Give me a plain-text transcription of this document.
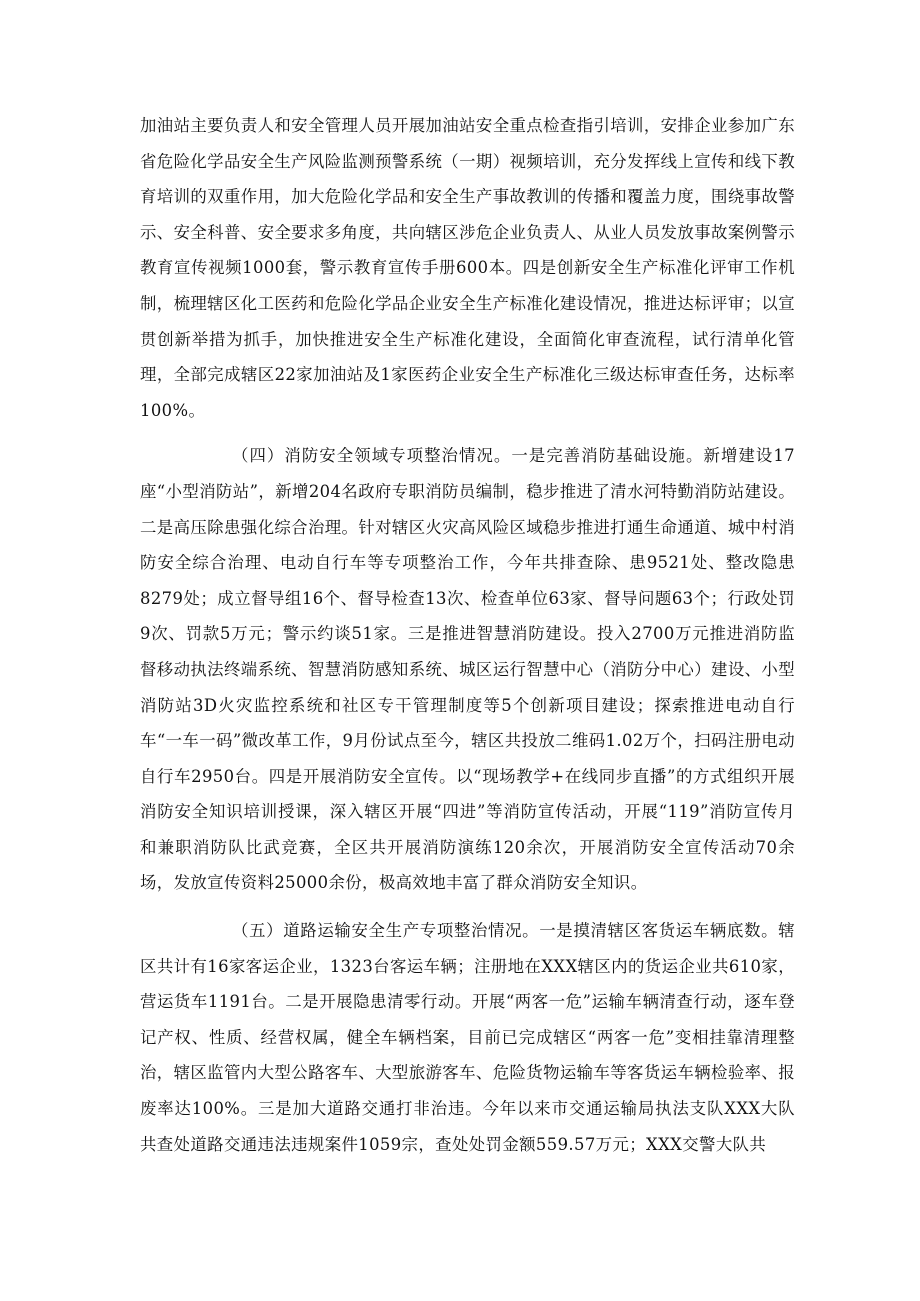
加油站主要负责人和安全管理人员开展加油站安全重点检查指引培训，安排企业参加广东省危险化学品安全生产风险监测预警系统（一期）视频培训，充分发挥线上宣传和线下教育培训的双重作用，加大危险化学品和安全生产事故教训的传播和覆盖力度，围绕事故警示、安全科普、安全要求多角度，共向辖区涉危企业负责人、从业人员发放事故案例警示教育宣传视频1000套，警示教育宣传手册600本。四是创新安全生产标准化评审工作机制，梳理辖区化工医药和危险化学品企业安全生产标准化建设情况，推进达标评审；以宣贯创新举措为抓手，加快推进安全生产标准化建设，全面简化审查流程，试行清单化管理，全部完成辖区22家加油站及1家医药企业安全生产标准化三级达标审查任务，达标率100%。

（四）消防安全领域专项整治情况。一是完善消防基础设施。新增建设17座“小型消防站”，新增204名政府专职消防员编制，稳步推进了清水河特勤消防站建设。二是高压除患强化综合治理。针对辖区火灾高风险区域稳步推进打通生命通道、城中村消防安全综合治理、电动自行车等专项整治工作，今年共排查除、患9521处、整改隐患8279处；成立督导组16个、督导检查13次、检查单位63家、督导问题63个；行政处罚9次、罚款5万元；警示约谈51家。三是推进智慧消防建设。投入2700万元推进消防监督移动执法终端系统、智慧消防感知系统、城区运行智慧中心（消防分中心）建设、小型消防站3D火灾监控系统和社区专干管理制度等5个创新项目建设；探索推进电动自行车“一车一码”微改革工作，9月份试点至今，辖区共投放二维码1.02万个，扫码注册电动自行车2950台。四是开展消防安全宣传。以“现场教学+在线同步直播”的方式组织开展消防安全知识培训授课，深入辖区开展“四进”等消防宣传活动，开展“119”消防宣传月和兼职消防队比武竞赛，全区共开展消防演练120余次，开展消防安全宣传活动70余场，发放宣传资料25000余份，极高效地丰富了群众消防安全知识。

（五）道路运输安全生产专项整治情况。一是摸清辖区客货运车辆底数。辖区共计有16家客运企业，1323台客运车辆；注册地在XXX辖区内的货运企业共610家，营运货车1191台。二是开展隐患清零行动。开展“两客一危”运输车辆清查行动，逐车登记产权、性质、经营权属，健全车辆档案，目前已完成辖区“两客一危”变相挂靠清理整治，辖区监管内大型公路客车、大型旅游客车、危险货物运输车等客货运车辆检验率、报废率达100%。三是加大道路交通打非治违。今年以来市交通运输局执法支队XXX大队共查处道路交通违法违规案件1059宗，查处处罚金额559.57万元；XXX交警大队共
